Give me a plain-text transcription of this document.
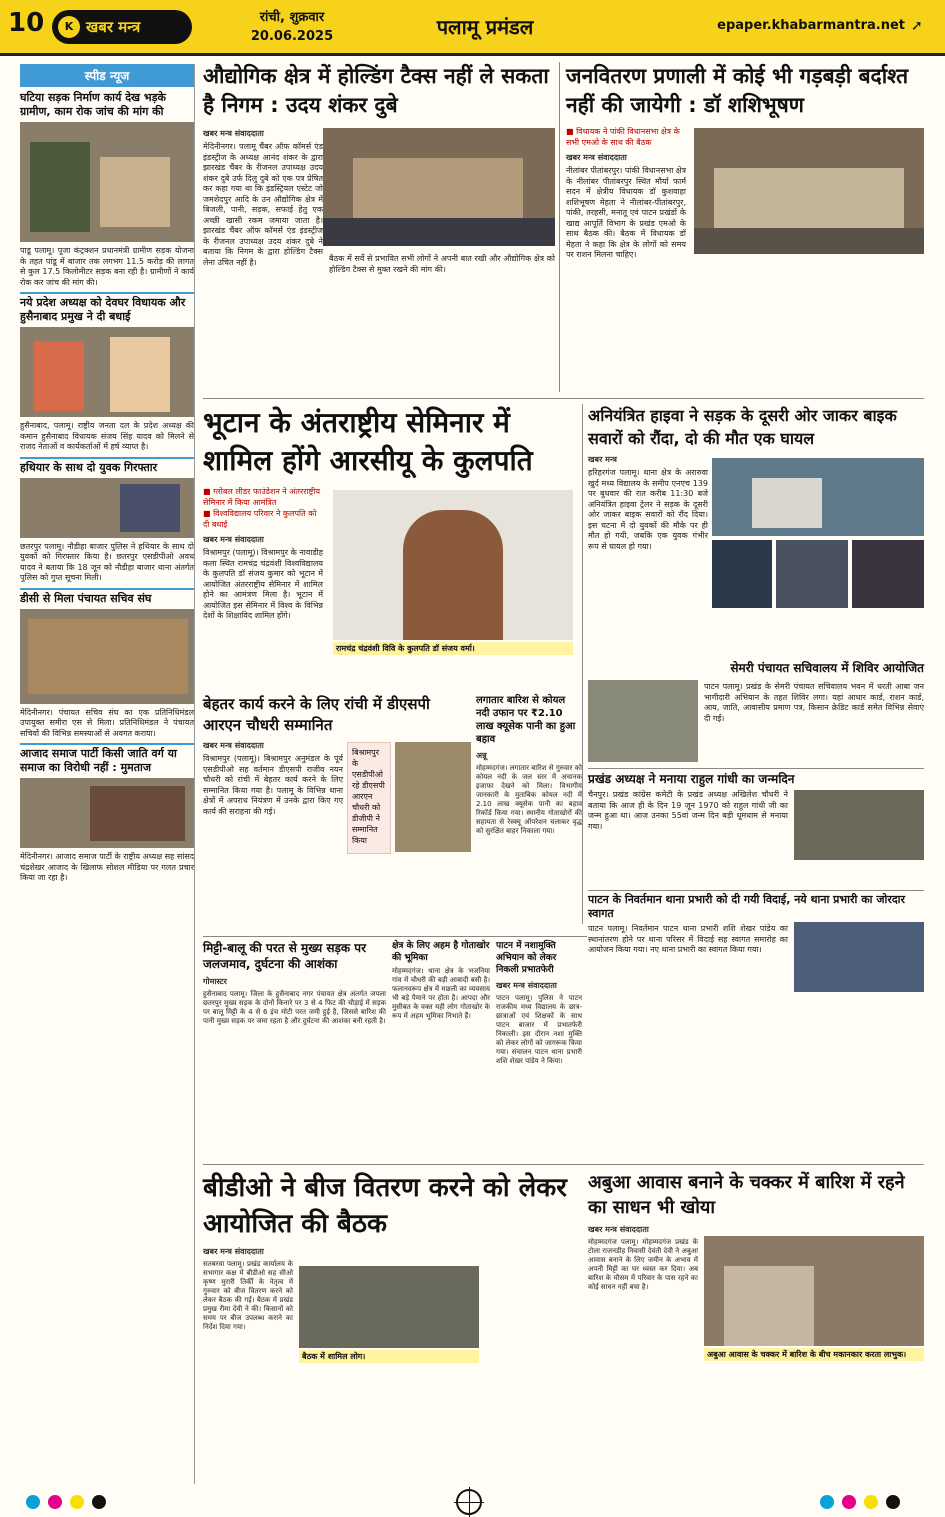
10	K खबर मन्त्र
रांची, शुक्रवार
20.06.2025	पलामू प्रमंडल	epaper.khabarmantra.net ➚
स्पीड न्यूज
घटिया सड़क निर्माण कार्य देख भड़के ग्रामीण, काम रोक जांच की मांग की
पाडू पलामू। पूजा कंट्रक्शन प्रधानमंत्री ग्रामीण सड़क योजना के तहत पांडू में बाजार तक लगभग 11.5 करोड़ की लागत से कुल 17.5 किलोमीटर सड़क बना रही है। ग्रामीणों ने कार्य रोक कर जांच की मांग की।
नये प्रदेश अध्यक्ष को देवघर विधायक और हुसैनाबाद प्रमुख ने दी बधाई
हुसैनाबाद, पलामू। राष्ट्रीय जनता दल के प्रदेश अध्यक्ष की कमान हुसैनाबाद विधायक संजय सिंह यादव को मिलने से राजद नेताओं व कार्यकर्ताओं में हर्ष व्याप्त है।
हथियार के साथ दो युवक गिरफ्तार
छतरपुर पलामू। नौडीहा बाजार पुलिस ने हथियार के साथ दो युवकों को गिरफ्तार किया है। छतरपुर एसडीपीओ अवध यादव ने बताया कि 18 जून को नौडीहा बाजार थाना अंतर्गत पुलिस को गुप्त सूचना मिली।
डीसी से मिला पंचायत सचिव संघ
मेदिनीनगर। पंचायत सचिव संघ का एक प्रतिनिधिमंडल उपायुक्त समीरा एस से मिला। प्रतिनिधिमंडल ने पंचायत सचिवों की विभिन्न समस्याओं से अवगत कराया।
आजाद समाज पार्टी किसी जाति वर्ग या समाज का विरोधी नहीं : मुमताज
मेदिनीनगर। आजाद समाज पार्टी के राष्ट्रीय अध्यक्ष सह सांसद चंद्रशेखर आजाद के खिलाफ सोशल मीडिया पर गलत प्रचार किया जा रहा है।
औद्योगिक क्षेत्र में होल्डिंग टैक्स नहीं ले सकता है निगम : उदय शंकर दुबे
खबर मन्त्र संवाददाता
मेदिनीनगर। पलामू चैंबर ऑफ कॉमर्स एंड इंडस्ट्रीज के अध्यक्ष आनंद शंकर के द्वारा झारखंड चैंबर के रीजनल उपाध्यक्ष उदय शंकर दुबे उर्फ दिलु दुबे को एक पत्र प्रेषित कर कहा गया था कि इंडस्ट्रियल एस्टेट जो जमशेदपुर आदि के उन औद्योगिक क्षेत्र में बिजली, पानी, सड़क, सफाई हेतु एक अच्छी खासी रकम जमाया जाता है। झारखंड चैंबर ऑफ कॉमर्स एंड इंडस्ट्रीज के रीजनल उपाध्यक्ष उदय शंकर दुबे ने बताया कि निगम के द्वारा होल्डिंग टैक्स लेना उचित नहीं है।	बैठक में सर्वे से प्रभावित सभी लोगों ने अपनी बात रखी और औद्योगिक क्षेत्र को होल्डिंग टैक्स से मुक्त रखने की मांग की।
जनवितरण प्रणाली में कोई भी गड़बड़ी बर्दाश्त नहीं की जायेगी : डॉ शशिभूषण
■ विधायक ने पांकी विधानसभा क्षेत्र के सभी एमओ के साथ की बैठक
खबर मन्त्र संवाददाता
नीलांबर पीतांबरपुर। पांकी विधानसभा क्षेत्र के नीलांबर पीतांबरपुर स्थित मौर्या फार्म सदन में क्षेत्रीय विधायक डॉ कुशवाहा शशिभूषण मेहता ने नीलांबर-पीतांबरपुर, पांकी, तरहसी, मनातू एवं पाटन प्रखंडों के खाद्य आपूर्ति विभाग के प्रखंड एमओ के साथ बैठक की। बैठक में विधायक डॉ मेहता ने कहा कि क्षेत्र के लोगों को समय पर राशन मिलना चाहिए।
भूटान के अंतराष्ट्रीय सेमिनार में शामिल होंगे आरसीयू के कुलपति
■ ग्लोबल लीडर फाउंडेशन ने अंतरराष्ट्रीय सेमिनार में किया आमंत्रित
■ विश्वविद्यालय परिवार ने कुलपति को दी बधाई
खबर मन्त्र संवाददाता
विश्रामपुर (पलामू)। विश्रामपुर के नावाडीह कला स्थित रामचंद्र चंद्रवंशी विश्वविद्यालय के कुलपति डॉ संजय कुमार को भूटान में आयोजित अंतरराष्ट्रीय सेमिनार में शामिल होने का आमंत्रण मिला है। भूटान में आयोजित इस सेमिनार में विश्व के विभिन्न देशों के शिक्षाविद शामिल होंगे।
रामचंद्र चंद्रवंशी विवि के कुलपति डॉ संजय वर्मा।
अनियंत्रित हाइवा ने सड़क के दूसरी ओर जाकर बाइक सवारों को रौंदा, दो की मौत एक घायल
खबर मन्त्र
हरिहरगंज पलामू। थाना क्षेत्र के अरारुवा खुर्द मध्य विद्यालय के समीप एनएच 139 पर बुधवार की रात करीब 11:30 बजे अनियंत्रित हाइवा ट्रेलर ने सड़क के दूसरी ओर जाकर बाइक सवारों को रौंद दिया। इस घटना में दो युवकों की मौके पर ही मौत हो गयी, जबकि एक युवक गंभीर रूप से घायल हो गया।
सेमरी पंचायत सचिवालय में शिविर आयोजित
पाटन पलामू। प्रखंड के सेमरी पंचायत सचिवालय भवन में धरती आबा जन भागीदारी अभियान के तहत शिविर लगा। यहां आधार कार्ड, राशन कार्ड, आय, जाति, आवासीय प्रमाण पत्र, किसान क्रेडिट कार्ड समेत विभिन्न सेवाएं दी गईं।
प्रखंड अध्यक्ष ने मनाया राहुल गांधी का जन्मदिन
चैनपुर। प्रखंड कांग्रेस कमेटी के प्रखंड अध्यक्ष अखिलेश चौधरी ने बताया कि आज ही के दिन 19 जून 1970 को राहुल गांधी जी का जन्म हुआ था। आज उनका 55वां जन्म दिन बड़ी धूमधाम से मनाया गया।
पाटन के निवर्तमान थाना प्रभारी को दी गयी विदाई, नये थाना प्रभारी का जोरदार स्वागत
पाटन पलामू। निवर्तमान पाटन थाना प्रभारी शशि शेखर पांडेय का स्थानांतरण होने पर थाना परिसर में विदाई सह स्वागत समारोह का आयोजन किया गया। नए थाना प्रभारी का स्वागत किया गया।
बेहतर कार्य करने के लिए रांची में डीएसपी आरएन चौधरी सम्मानित
खबर मन्त्र संवाददाता
विश्रामपुर (पलामू)। बिश्रामपुर अनुमंडल के पूर्व एसडीपीओ सह वर्तमान डीएसपी राजीव नयन चौधरी को रांची में बेहतर कार्य करने के लिए सम्मानित किया गया है। पलामू के विभिन्न थाना क्षेत्रों में अपराध नियंत्रण में उनके द्वारा किए गए कार्य की सराहना की गई।
बिश्रामपुर के एसडीपीओ रहे डीएसपी आरएन चौधरी को डीजीपी ने सम्मानित किया
लगातार बारिश से कोयल नदी उफान पर ₹2.10 लाख क्यूसेक पानी का हुआ बहाव
अन्नू
मोहम्मदगंज। लगातार बारिश से गुरुवार को कोयल नदी के जल स्तर में अचानक इजाफा देखने को मिला। विभागीय जानकारी के मुताबिक कोयल नदी में 2.10 लाख क्यूसेक पानी का बहाव रिकॉर्ड किया गया। स्थानीय गोताखोरों की सहायता से रेस्क्यू ऑपरेशन चलाकर वृद्ध को सुरक्षित बाहर निकाला गया।
मिट्टी-बालू की परत से मुख्य सड़क पर जलजमाव, दुर्घटना की आशंका
गोमास्टर
हुसैनाबाद पलामू। जिला के हुसैनाबाद नगर पंचायत क्षेत्र अंतर्गत जपला छतरपुर मुख्य सड़क के दोनों किनारे पर 3 से 4 फिट की चौड़ाई में सड़क पर बालू मिट्टी के 4 से 6 इंच मोटी परत जमी हुई है, जिससे बारिश की पानी मुख्य सड़क पर जमा रहता है और दुर्घटना की आशंका बनी रहती है।
क्षेत्र के लिए अहम है गोताखोर की भूमिका
मोहम्मदगंज। थाना क्षेत्र के भजनिया गांव में चौधरी की बड़ी आबादी बसी है। फलानवरूप क्षेत्र में मछली का व्यवसाय भी बड़े पैमाने पर होता है। आपदा और मुसीबत के वक्त यही लोग गोताखोर के रूप में अहम भूमिका निभाते हैं।
पाटन में नशामुक्ति अभियान को लेकर निकली प्रभातफेरी
खबर मन्त्र संवाददाता
पाटन पलामू। पुलिस ने पाटन राजकीय मध्य विद्यालय के छात्र-छात्राओं एवं शिक्षकों के साथ पाटन बाजार में प्रभातफेरी निकाली। इस दौरान नशा मुक्ति को लेकर लोगों को जागरूक किया गया। संचालन पाटन थाना प्रभारी शशि शेखर पांडेय ने किया।
बीडीओ ने बीज वितरण करने को लेकर आयोजित की बैठक
खबर मन्त्र संवाददाता
सतबरवा पलामू। प्रखंड कार्यालय के सभागार कक्ष में बीडीओ सह सीओ कृष्ण मुरारी तिर्की के नेतृत्व में गुरुवार को बीज वितरण करने को लेकर बैठक की गई। बैठक में प्रखंड प्रमुख रीमा देवी ने की। किसानों को समय पर बीज उपलब्ध कराने का निर्देश दिया गया।
बैठक में शामिल लोग।
अबुआ आवास बनाने के चक्कर में बारिश में रहने का साधन भी खोया
खबर मन्त्र संवाददाता
मोहम्मदगंज पलामू। मोहम्मदगंज प्रखंड के टोला राजनडीह निवासी देवंती देवी ने अबुआ आवास बनाने के लिए जमीन के अभाव में अपनी मिट्टी का घर ध्वस्त कर दिया। अब बारिश के मौसम में परिवार के पास रहने का कोई साधन नहीं बचा है।
अबुआ आवास के चक्कर में बारिश के बीच मकानकार करता लाभुक।
